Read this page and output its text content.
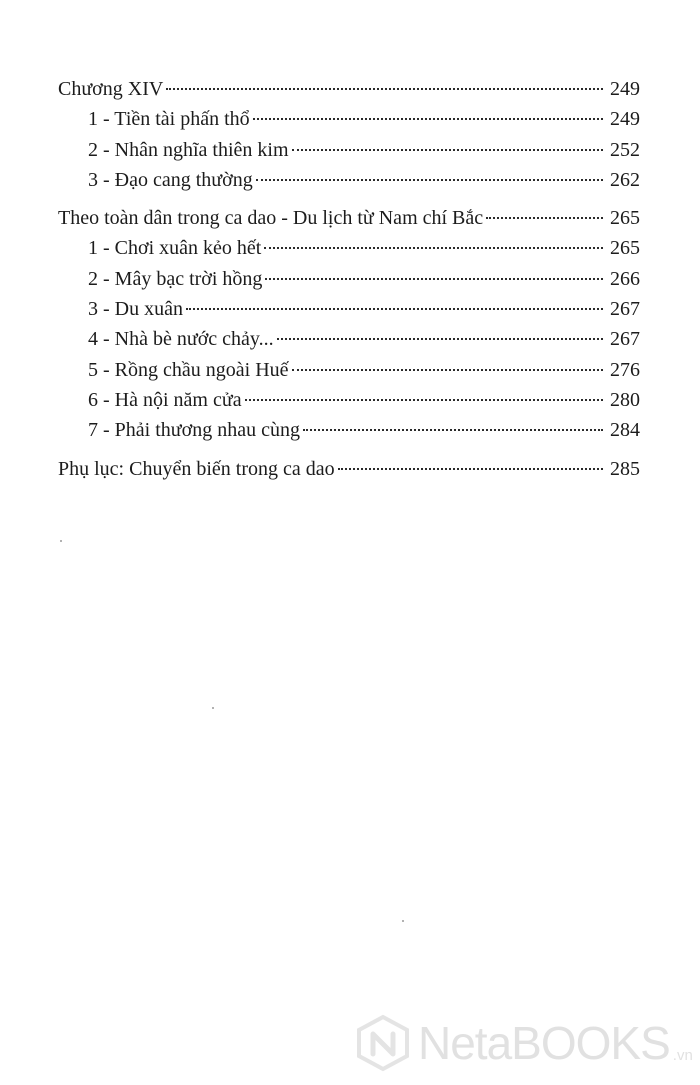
Chương XIV	249
1 - Tiền tài phấn thổ	249
2 - Nhân nghĩa thiên kim	252
3 - Đạo cang thường	262
Theo toàn dân trong ca dao - Du lịch từ Nam chí Bắc	265
1 - Chơi xuân kẻo hết	265
2 - Mây bạc trời hồng	266
3 - Du xuân	267
4 - Nhà bè nước chảy...	267
5 - Rồng chầu ngoài Huế	276
6 - Hà nội năm cửa	280
7 - Phải thương nhau cùng	284
Phụ lục: Chuyển biến trong ca dao	285
NetaBOOKS .vn
